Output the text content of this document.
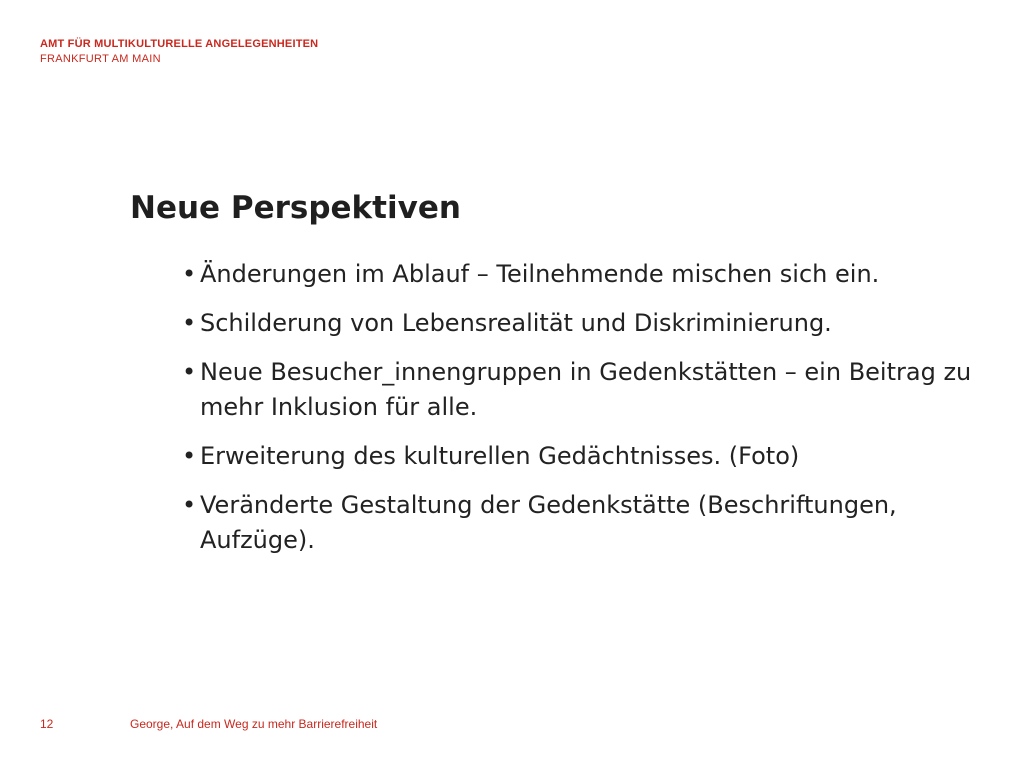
AMT FÜR MULTIKULTURELLE ANGELEGENHEITEN
FRANKFURT AM MAIN
Neue Perspektiven
• Änderungen im Ablauf – Teilnehmende mischen sich ein.
• Schilderung von Lebensrealität und Diskriminierung.
• Neue Besucher_innengruppen in Gedenkstätten – ein Beitrag zu mehr Inklusion für alle.
• Erweiterung des kulturellen Gedächtnisses. (Foto)
• Veränderte Gestaltung der Gedenkstätte (Beschriftungen, Aufzüge).
12	George, Auf dem Weg zu mehr Barrierefreiheit
